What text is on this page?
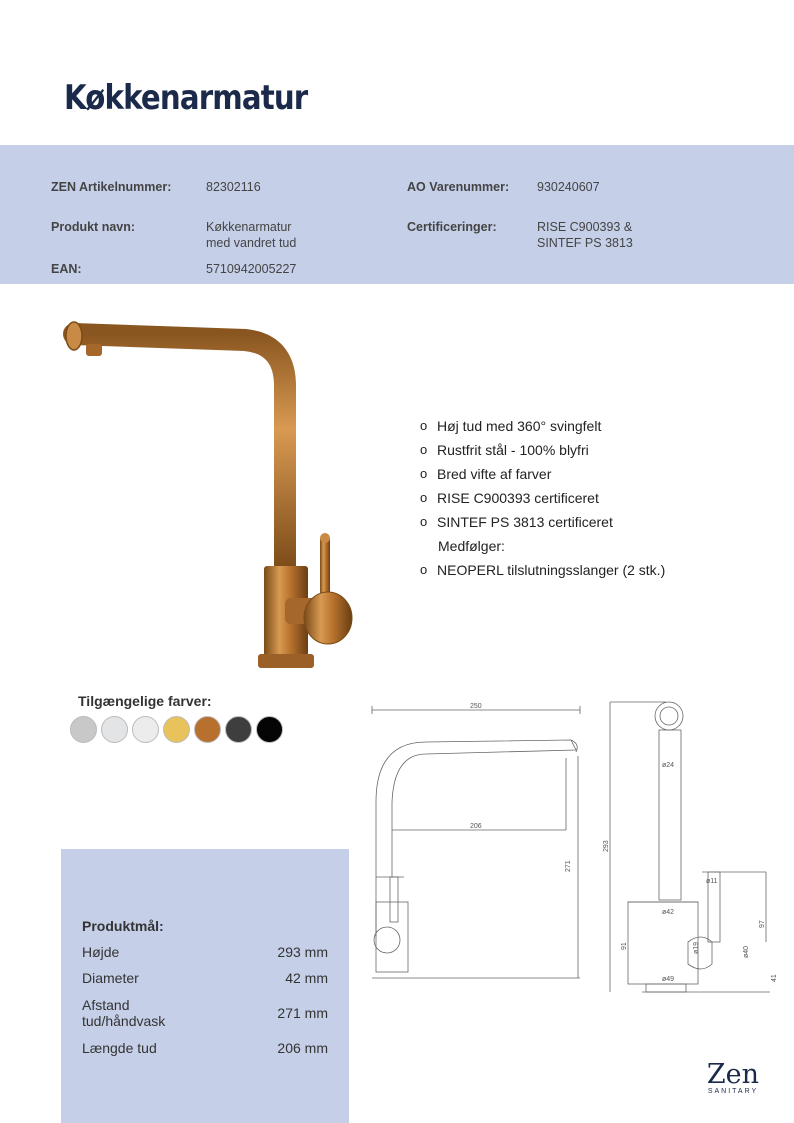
Køkkenarmatur
ZEN Artikelnummer:	82302116	AO Varenummer: 930240607
Produkt navn:	Køkkenarmatur
med vandret tud
Certificeringer:	RISE C900393 &
SINTEF PS 3813
EAN:	5710942005227
o Høj tud med 360° svingfelt
o Rustfrit stål - 100% blyfri
o Bred vifte af farver
o RISE C900393 certificeret
o SINTEF PS 3813 certificeret
Medfølger:
o NEOPERL tilslutningsslanger (2 stk.)
Tilgængelige farver:	250
206
271
293
ø24
ø11
ø42
ø49
ø19	ø40
91
97
41
Produktmål:
Højde	293 mm
Diameter	42 mm
Afstand
tud/håndvask	271 mm
Længde tud	206 mm
Zen
SANITARY
